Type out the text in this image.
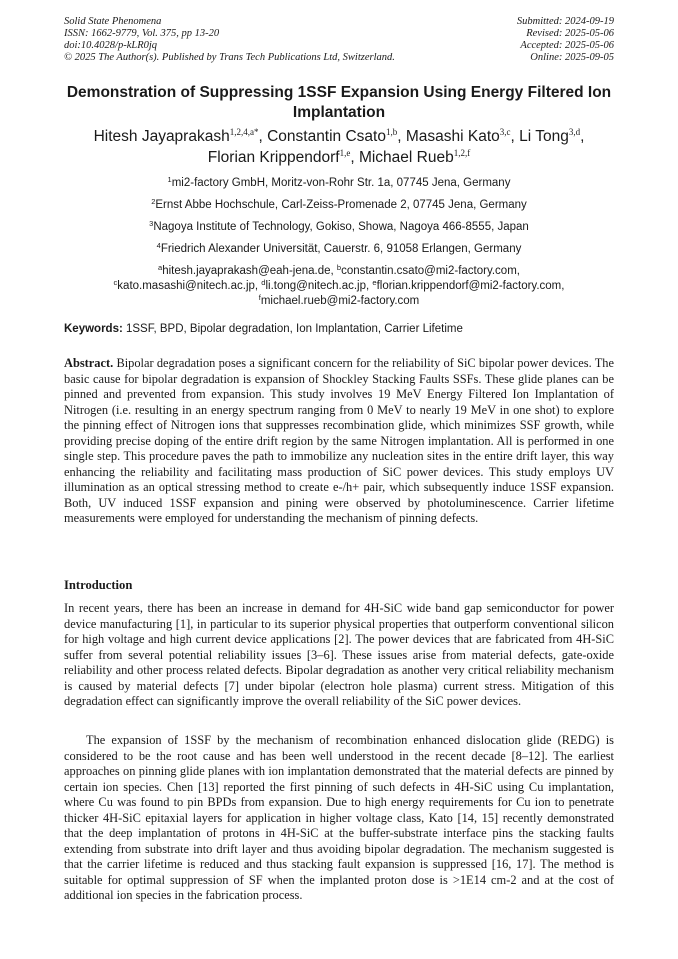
Solid State Phenomena
ISSN: 1662-9779, Vol. 375, pp 13-20
doi:10.4028/p-kLR0jq
© 2025 The Author(s). Published by Trans Tech Publications Ltd, Switzerland.
Submitted: 2024-09-19
Revised: 2025-05-06
Accepted: 2025-05-06
Online: 2025-09-05
Demonstration of Suppressing 1SSF Expansion Using Energy Filtered Ion Implantation
Hitesh Jayaprakash$^{1,2,4,a*}$, Constantin Csato$^{1,b}$, Masashi Kato$^{3,c}$, Li Tong$^{3,d}$,
Florian Krippendorf$^{1,e}$, Michael Rueb$^{1,2,f}$
$^1$mi2-factory GmbH, Moritz-von-Rohr Str. 1a, 07745 Jena, Germany
$^2$Ernst Abbe Hochschule, Carl-Zeiss-Promenade 2, 07745 Jena, Germany
$^3$Nagoya Institute of Technology, Gokiso, Showa, Nagoya 466-8555, Japan
$^4$Friedrich Alexander Universität, Cauerstr. 6, 91058 Erlangen, Germany
$^a$hitesh.jayaprakash@eah-jena.de, $^b$constantin.csato@mi2-factory.com,
$^c$kato.masashi@nitech.ac.jp, $^d$li.tong@nitech.ac.jp, $^e$florian.krippendorf@mi2-factory.com,
$^f$michael.rueb@mi2-factory.com
Keywords: 1SSF, BPD, Bipolar degradation, Ion Implantation, Carrier Lifetime
Abstract. Bipolar degradation poses a significant concern for the reliability of SiC bipolar power devices. The basic cause for bipolar degradation is expansion of Shockley Stacking Faults SSFs. These glide planes can be pinned and prevented from expansion. This study involves 19 MeV Energy Filtered Ion Implantation of Nitrogen (i.e. resulting in an energy spectrum ranging from 0 MeV to nearly 19 MeV in one shot) to explore the pinning effect of Nitrogen ions that suppresses recombination glide, which minimizes SSF growth, while providing precise doping of the entire drift region by the same Nitrogen implantation. All is performed in one single step. This procedure paves the path to immobilize any nucleation sites in the entire drift layer, this way enhancing the reliability and facilitating mass production of SiC power devices. This study employs UV illumination as an optical stressing method to create e-/h+ pair, which subsequently induce 1SSF expansion. Both, UV induced 1SSF expansion and pining were observed by photoluminescence. Carrier lifetime measurements were employed for understanding the mechanism of pinning defects.
Introduction
In recent years, there has been an increase in demand for 4H-SiC wide band gap semiconductor for power device manufacturing [1], in particular to its superior physical properties that outperform conventional silicon for high voltage and high current device applications [2]. The power devices that are fabricated from 4H-SiC suffer from several potential reliability issues [3–6]. These issues arise from material defects, gate-oxide reliability and other process related defects. Bipolar degradation as another very critical reliability mechanism is caused by material defects [7] under bipolar (electron hole plasma) current stress. Mitigation of this degradation effect can significantly improve the overall reliability of the SiC power devices.
The expansion of 1SSF by the mechanism of recombination enhanced dislocation glide (REDG) is considered to be the root cause and has been well understood in the recent decade [8–12]. The earliest approaches on pinning glide planes with ion implantation demonstrated that the material defects are pinned by certain ion species. Chen [13] reported the first pinning of such defects in 4H-SiC using Cu implantation, where Cu was found to pin BPDs from expansion. Due to high energy requirements for Cu ion to penetrate thicker 4H-SiC epitaxial layers for application in higher voltage class, Kato [14, 15] recently demonstrated that the deep implantation of protons in 4H-SiC at the buffer-substrate interface pins the stacking faults extending from substrate into drift layer and thus avoiding bipolar degradation. The mechanism suggested is that the carrier lifetime is reduced and thus stacking fault expansion is suppressed [16, 17]. The method is suitable for optimal suppression of SF when the implanted proton dose is >1E14 cm-2 and at the cost of additional ion species in the fabrication process.
